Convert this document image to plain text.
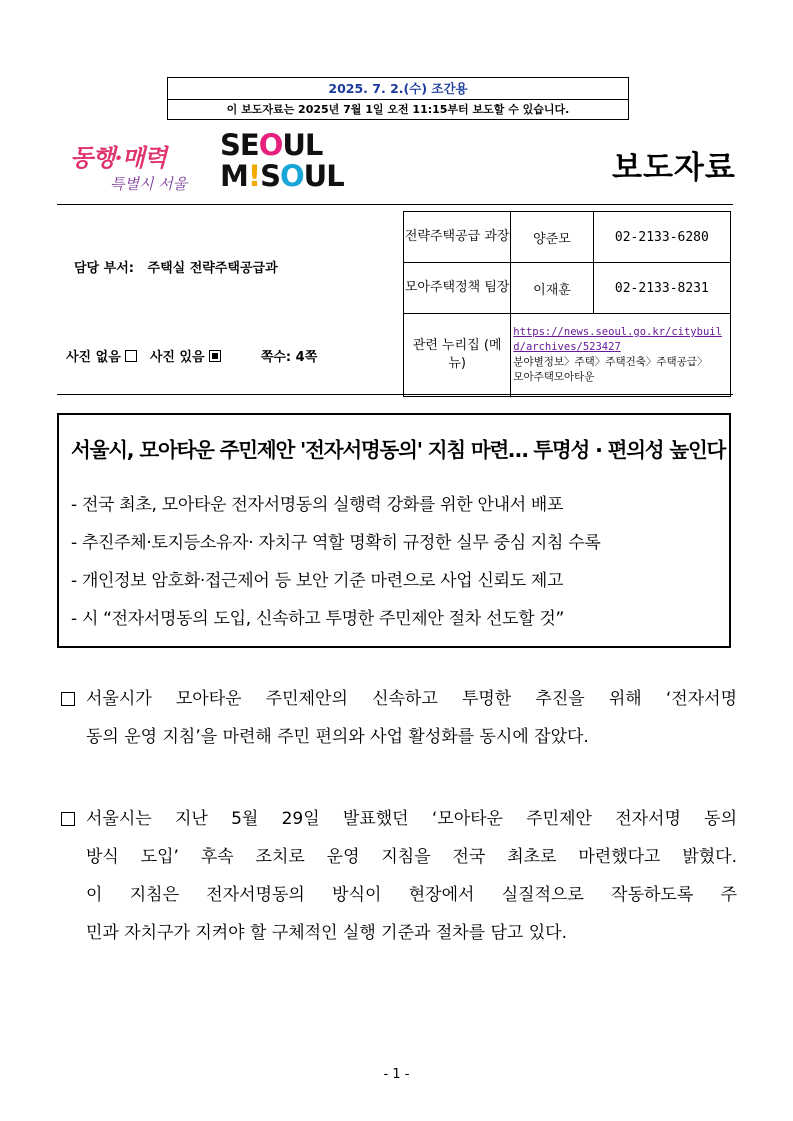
2025. 7. 2.(수) 조간용
이 보도자료는 2025년 7월 1일 오전 11:15부터 보도할 수 있습니다.
동행·매력
특별시 서울
SEOUL
M!SOUL	보도자료
담당 부서: 주택실 전략주택공급과
사진 없음 사진 있음	쪽수: 4쪽
전략주택공급 과장	양준모	02-2133-6280
모아주택정책 팀장	이재훈	02-2133-8231
관련 누리집 (메뉴)	https://news.seoul.go.kr/citybuild/archives/523427
분야별정보〉주택〉주택건축〉주택공급〉
모아주택모아타운	
서울시, 모아타운 주민제안 '전자서명동의' 지침 마련… 투명성 · 편의성 높인다
- 전국 최초, 모아타운 전자서명동의 실행력 강화를 위한 안내서 배포
- 추진주체·토지등소유자· 자치구 역할 명확히 규정한 실무 중심 지침 수록
- 개인정보 암호화·접근제어 등 보안 기준 마련으로 사업 신뢰도 제고
- 시 “전자서명동의 도입, 신속하고 투명한 주민제안 절차 선도할 것”
서울시가 모아타운 주민제안의 신속하고 투명한 추진을 위해 ‘전자서명
동의 운영 지침’을 마련해 주민 편의와 사업 활성화를 동시에 잡았다.
서울시는 지난 5월 29일 발표했던 ‘모아타운 주민제안 전자서명 동의
방식 도입’ 후속 조치로 운영 지침을 전국 최초로 마련했다고 밝혔다.
이 지침은 전자서명동의 방식이 현장에서 실질적으로 작동하도록 주
민과 자치구가 지켜야 할 구체적인 실행 기준과 절차를 담고 있다.
- 1 -
